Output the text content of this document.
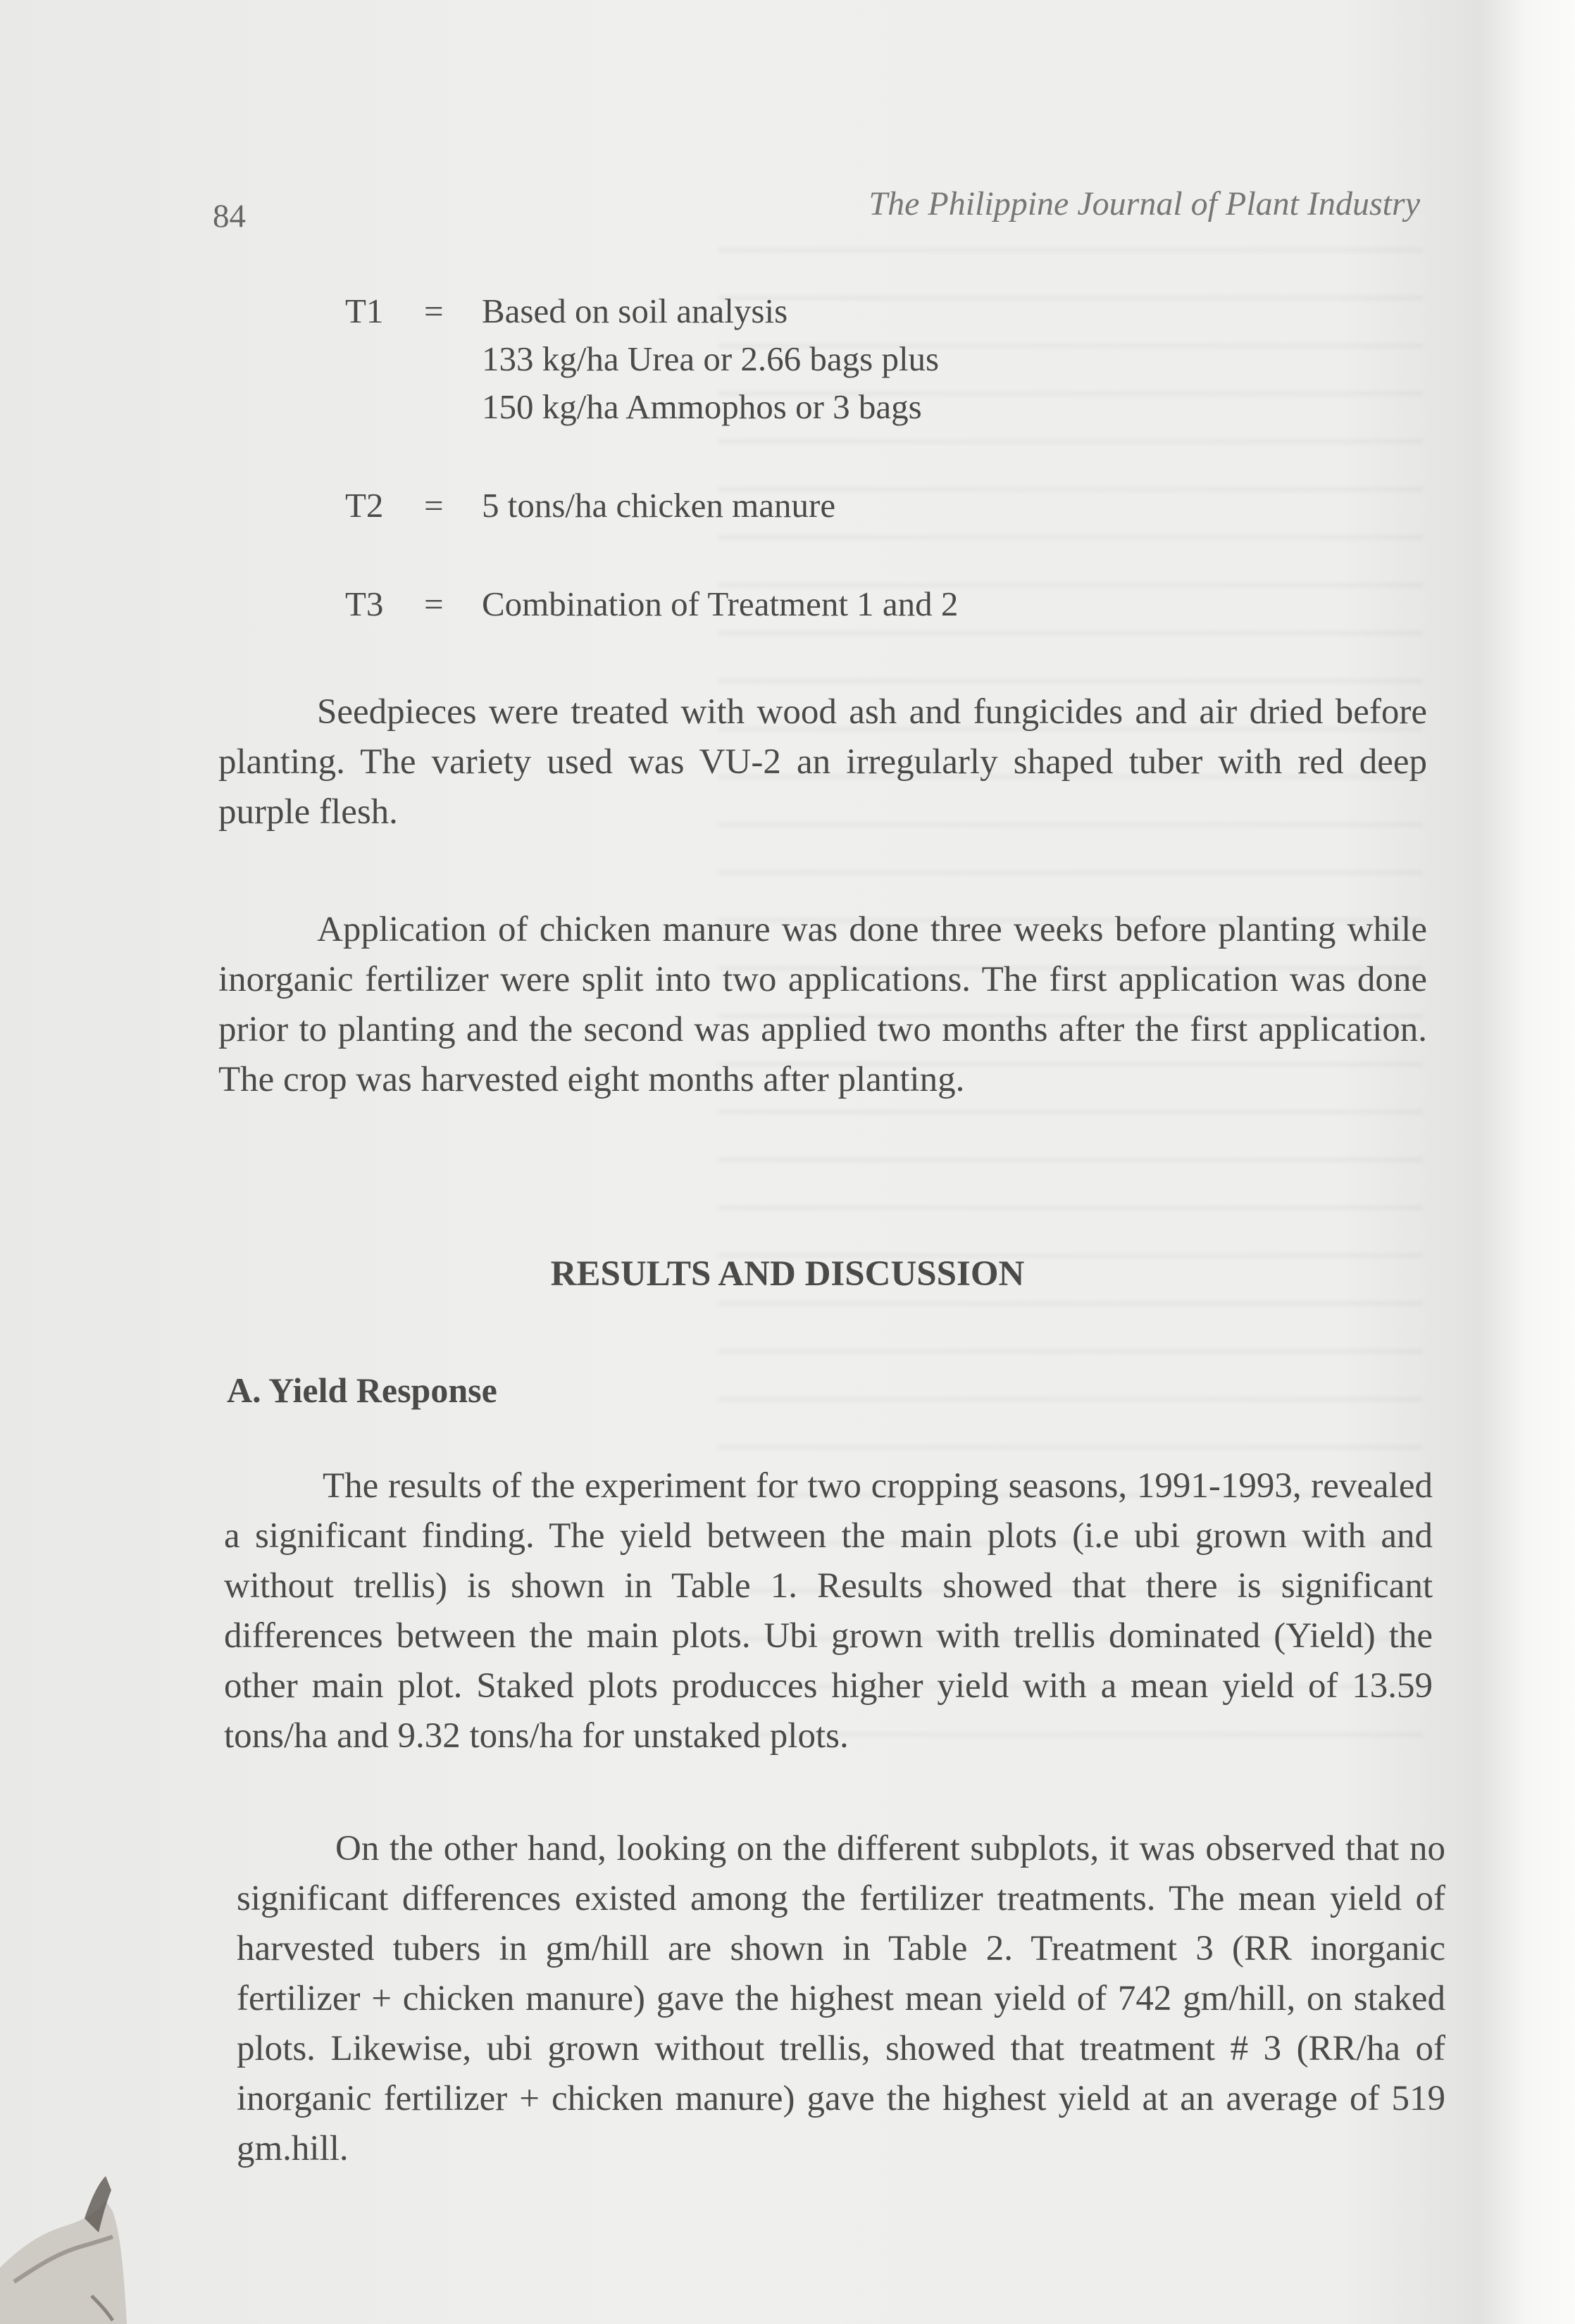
84	The Philippine Journal of Plant Industry
T1	=	Based on soil analysis
133 kg/ha Urea or 2.66 bags plus
150 kg/ha Ammophos or 3 bags
T2	=	5 tons/ha chicken manure
T3	=	Combination of Treatment 1 and 2
Seedpieces were treated with wood ash and fungicides and air dried before planting. The variety used was VU-2 an irregularly shaped tuber with red deep purple flesh.
Application of chicken manure was done three weeks before planting while inorganic fertilizer were split into two applications. The first application was done prior to planting and the second was applied two months after the first application. The crop was harvested eight months after planting.
RESULTS AND DISCUSSION
A. Yield Response
The results of the experiment for two cropping seasons, 1991-1993, revealed a significant finding. The yield between the main plots (i.e ubi grown with and without trellis) is shown in Table 1. Results showed that there is significant differences between the main plots. Ubi grown with trellis dominated (Yield) the other main plot. Staked plots producces higher yield with a mean yield of 13.59 tons/ha and 9.32 tons/ha for unstaked plots.
On the other hand, looking on the different subplots, it was observed that no significant differences existed among the fertilizer treatments. The mean yield of harvested tubers in gm/hill are shown in Table 2. Treatment 3 (RR inorganic fertilizer + chicken manure) gave the highest mean yield of 742 gm/hill, on staked plots. Likewise, ubi grown without trellis, showed that treatment # 3 (RR/ha of inorganic fertilizer + chicken manure) gave the highest yield at an average of 519 gm.hill.
